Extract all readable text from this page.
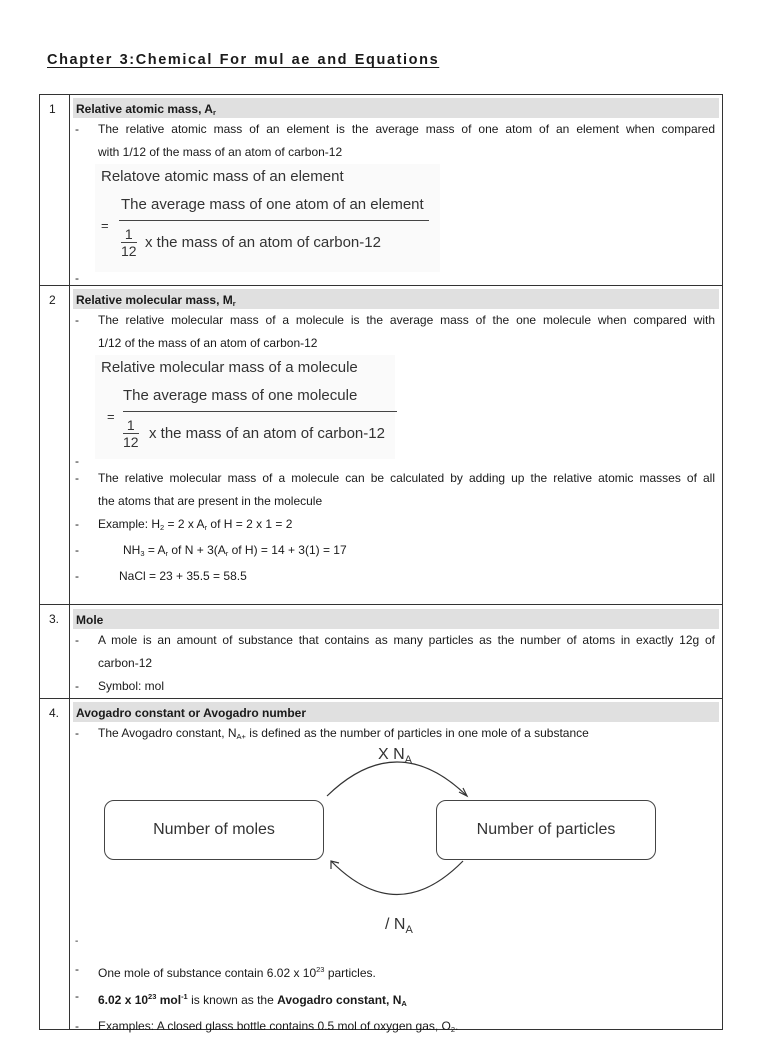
Chapter 3:Chemical For mul ae and Equations
1	Relative atomic mass, $A_r$
- The relative atomic mass of an element is the average mass of one atom of an element when compared
with 1/12 of the mass of an atom of carbon-12
Relatove atomic mass of an element
=
The average mass of one atom of an element
$\frac{1}{12}$ x the mass of an atom of carbon-12
-
2	Relative molecular mass, $M_r$
- The relative molecular mass of a molecule is the average mass of the one molecule when compared with
1/12 of the mass of an atom of carbon-12
Relative molecular mass of a molecule
=
The average mass of one molecule
$\frac{1}{12}$ x the mass of an atom of carbon-12
-
- The relative molecular mass of a molecule can be calculated by adding up the relative atomic masses of all
the atoms that are present in the molecule
- Example: $H_2 = 2$ x $A_r$ of H = 2 x 1 = 2
-	$NH_3 = A_r$ of $N + 3(A_r$ of H) = 14 + 3(1) = 17
-	NaCl = 23 + 35.5 = 58.5
3.	Mole
- A mole is an amount of substance that contains as many particles as the number of atoms in exactly 12g of
carbon-12
- Symbol: mol
4.	Avogadro constant or Avogadro number
- The Avogadro constant, $N_{A+}$ is defined as the number of particles in one mole of a substance
Number of moles	Number of particles
X $N_A$
/ $N_A$
-
- One mole of substance contain 6.02 x $10^{23}$ particles.
- 6.02 x $10^{23}$ mol$^{-1}$ is known as the Avogadro constant, $N_A$
- Examples: A closed glass bottle contains 0.5 mol of oxygen gas, $O_2$.
